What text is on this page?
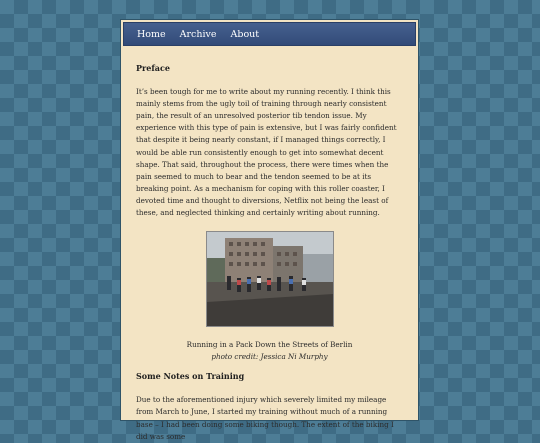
Home Archive About
Preface
It’s been tough for me to write about my running recently. I think this mainly stems from the ugly toil of training through nearly consistent pain, the result of an unresolved posterior tib tendon issue. My experience with this type of pain is extensive, but I was fairly confident that despite it being nearly constant, if I managed things correctly, I would be able run consistently enough to get into somewhat decent shape. That said, throughout the process, there were times when the pain seemed to much to bear and the tendon seemed to be at its breaking point. As a mechanism for coping with this roller coaster, I devoted time and thought to diversions, Netflix not being the least of these, and neglected thinking and certainly writing about running.
Running in a Pack Down the Streets of Berlin
photo credit: Jessica Ni Murphy
Some Notes on Training
Due to the aforementioned injury which severely limited my mileage from March to June, I started my training without much of a running base – I had been doing some biking though. The extent of the biking I did was some
